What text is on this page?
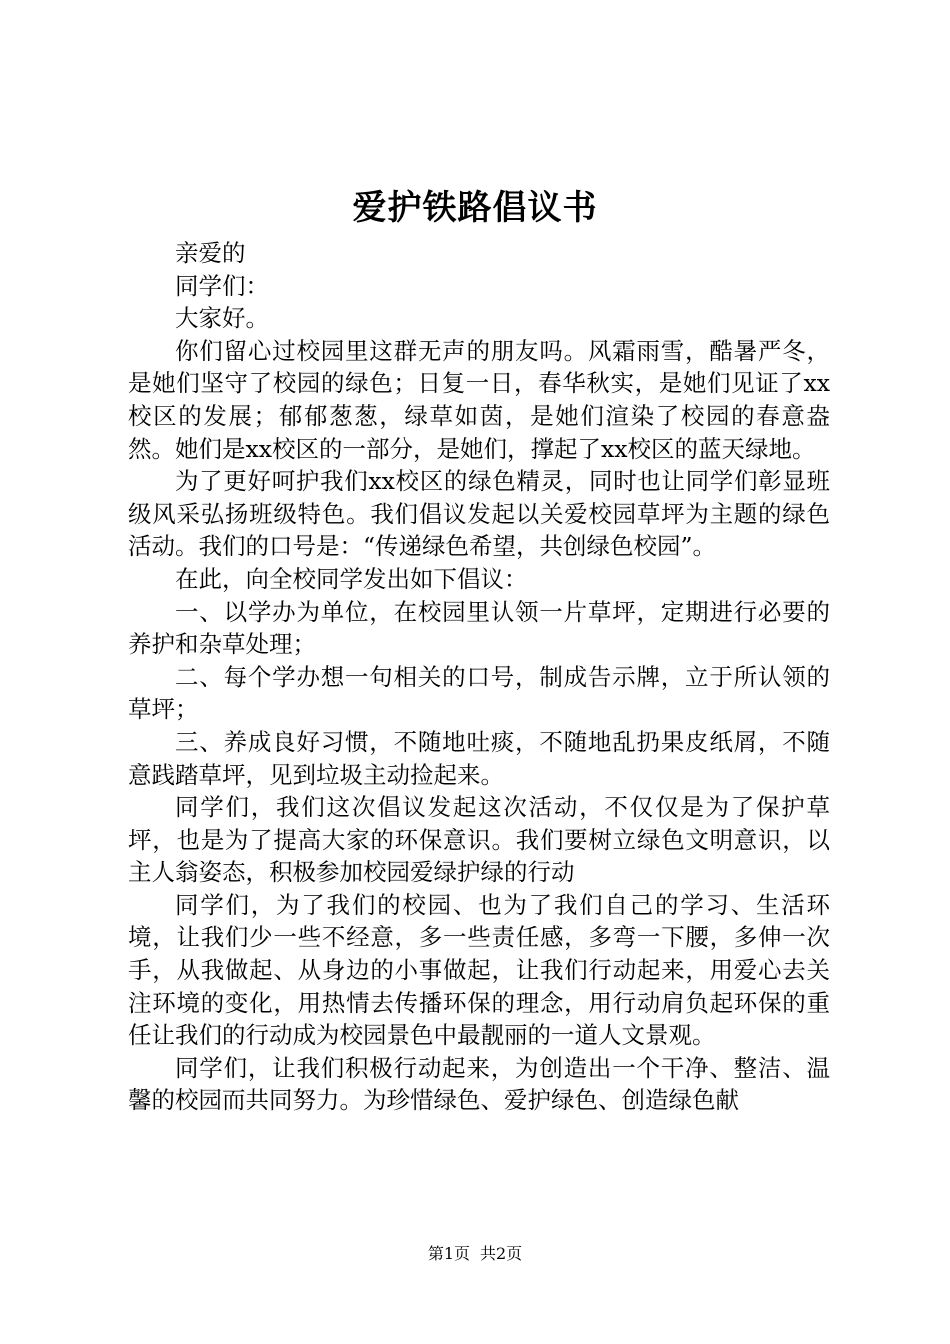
爱护铁路倡议书

亲爱的

同学们：

大家好。

你们留心过校园里这群无声的朋友吗。风霜雨雪，酷暑严冬，是她们坚守了校园的绿色；日复一日，春华秋实，是她们见证了xx校区的发展；郁郁葱葱，绿草如茵，是她们渲染了校园的春意盎然。她们是xx校区的一部分，是她们，撑起了xx校区的蓝天绿地。

为了更好呵护我们xx校区的绿色精灵，同时也让同学们彰显班级风采弘扬班级特色。我们倡议发起以关爱校园草坪为主题的绿色活动。我们的口号是：“传递绿色希望，共创绿色校园”。

在此，向全校同学发出如下倡议：

一、以学办为单位，在校园里认领一片草坪，定期进行必要的养护和杂草处理；

二、每个学办想一句相关的口号，制成告示牌，立于所认领的草坪；

三、养成良好习惯，不随地吐痰，不随地乱扔果皮纸屑，不随意践踏草坪，见到垃圾主动捡起来。

同学们，我们这次倡议发起这次活动，不仅仅是为了保护草坪，也是为了提高大家的环保意识。我们要树立绿色文明意识，以主人翁姿态，积极参加校园爱绿护绿的行动

同学们，为了我们的校园、也为了我们自己的学习、生活环境，让我们少一些不经意，多一些责任感，多弯一下腰，多伸一次手，从我做起、从身边的小事做起，让我们行动起来，用爱心去关注环境的变化，用热情去传播环保的理念，用行动肩负起环保的重任让我们的行动成为校园景色中最靓丽的一道人文景观。

同学们，让我们积极行动起来，为创造出一个干净、整洁、温馨的校园而共同努力。为珍惜绿色、爱护绿色、创造绿色献

第1页 共2页
